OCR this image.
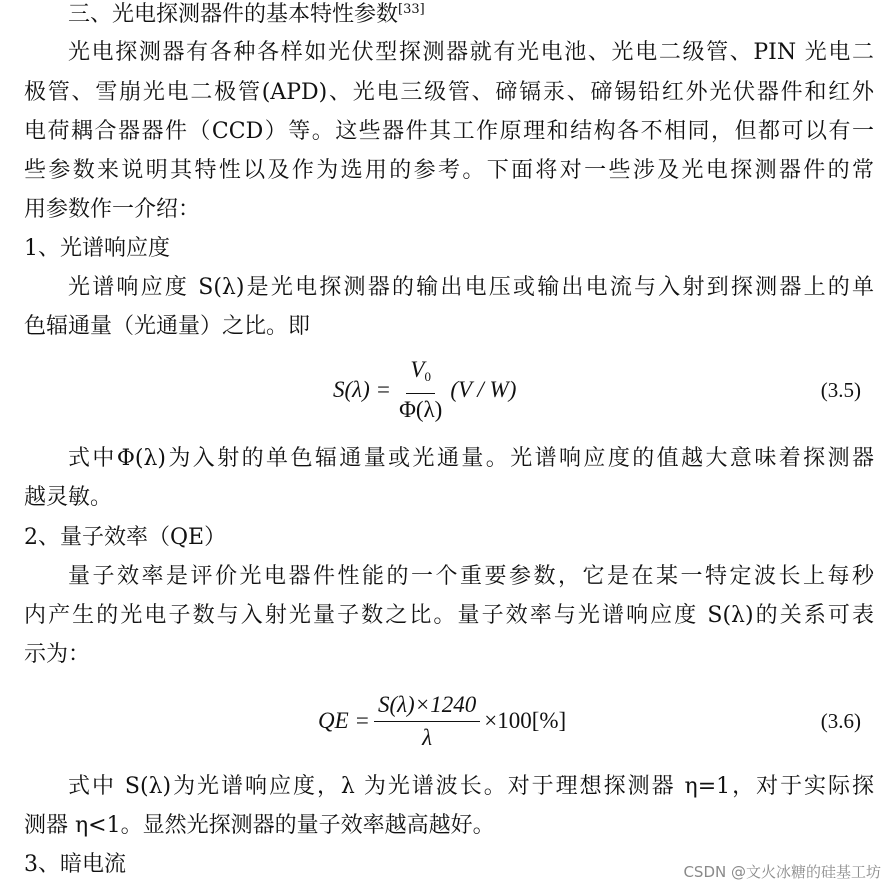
三、光电探测器件的基本特性参数[33]
光电探测器有各种各样如光伏型探测器就有光电池、光电二级管、PIN 光电二
极管、雪崩光电二极管(APD)、光电三级管、碲镉汞、碲锡铅红外光伏器件和红外
电荷耦合器器件（CCD）等。这些器件其工作原理和结构各不相同，但都可以有一
些参数来说明其特性以及作为选用的参考。下面将对一些涉及光电探测器件的常
用参数作一介绍：
1、光谱响应度
光谱响应度 S(λ)是光电探测器的输出电压或输出电流与入射到探测器上的单
色辐通量（光通量）之比。即
$S(\lambda) = \frac{V_0}{\Phi(\lambda)} (V / W)$	(3.5)
式中Φ(λ)为入射的单色辐通量或光通量。光谱响应度的值越大意味着探测器
越灵敏。
2、量子效率（QE）
量子效率是评价光电器件性能的一个重要参数，它是在某一特定波长上每秒
内产生的光电子数与入射光量子数之比。量子效率与光谱响应度 S(λ)的关系可表
示为：
QE = $\frac{S(\lambda)\times 1240}{\lambda} \times 100[\%]$	(3.6)
式中 S(λ)为光谱响应度，λ 为光谱波长。对于理想探测器 η=1，对于实际探
测器 η<1。显然光探测器的量子效率越高越好。
3、暗电流	CSDN @文火冰糖的硅基工坊
